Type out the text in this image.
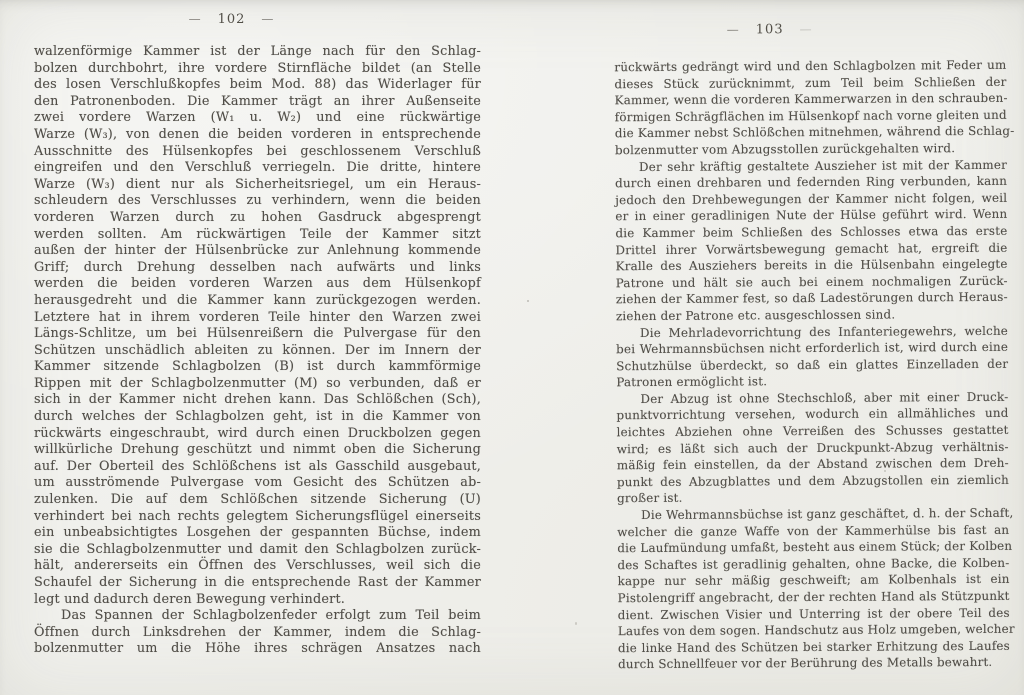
— 102 —
walzenförmige Kammer ist der Länge nach für den Schlag-
bolzen durchbohrt, ihre vordere Stirnfläche bildet (an Stelle
des losen Verschlußkopfes beim Mod. 88) das Widerlager für
den Patronenboden. Die Kammer trägt an ihrer Außenseite
zwei vordere Warzen (W₁ u. W₂) und eine rückwärtige
Warze (W₃), von denen die beiden vorderen in entsprechende
Ausschnitte des Hülsenkopfes bei geschlossenem Verschluß
eingreifen und den Verschluß verriegeln. Die dritte, hintere
Warze (W₃) dient nur als Sicherheitsriegel, um ein Heraus-
schleudern des Verschlusses zu verhindern, wenn die beiden
vorderen Warzen durch zu hohen Gasdruck abgesprengt
werden sollten. Am rückwärtigen Teile der Kammer sitzt
außen der hinter der Hülsenbrücke zur Anlehnung kommende
Griff; durch Drehung desselben nach aufwärts und links
werden die beiden vorderen Warzen aus dem Hülsenkopf
herausgedreht und die Kammer kann zurückgezogen werden.
Letztere hat in ihrem vorderen Teile hinter den Warzen zwei
Längs-Schlitze, um bei Hülsenreißern die Pulvergase für den
Schützen unschädlich ableiten zu können. Der im Innern der
Kammer sitzende Schlagbolzen (B) ist durch kammförmige
Rippen mit der Schlagbolzenmutter (M) so verbunden, daß er
sich in der Kammer nicht drehen kann. Das Schlößchen (Sch),
durch welches der Schlagbolzen geht, ist in die Kammer von
rückwärts eingeschraubt, wird durch einen Druckbolzen gegen
willkürliche Drehung geschützt und nimmt oben die Sicherung
auf. Der Oberteil des Schlößchens ist als Gasschild ausgebaut,
um ausströmende Pulvergase vom Gesicht des Schützen ab-
zulenken. Die auf dem Schlößchen sitzende Sicherung (U)
verhindert bei nach rechts gelegtem Sicherungsflügel einerseits
ein unbeabsichtigtes Losgehen der gespannten Büchse, indem
sie die Schlagbolzenmutter und damit den Schlagbolzen zurück-
hält, andererseits ein Öffnen des Verschlusses, weil sich die
Schaufel der Sicherung in die entsprechende Rast der Kammer
legt und dadurch deren Bewegung verhindert.
Das Spannen der Schlagbolzenfeder erfolgt zum Teil beim
Öffnen durch Linksdrehen der Kammer, indem die Schlag-
bolzenmutter um die Höhe ihres schrägen Ansatzes nach
— 103 —
rückwärts gedrängt wird und den Schlagbolzen mit Feder um
dieses Stück zurücknimmt, zum Teil beim Schließen der
Kammer, wenn die vorderen Kammerwarzen in den schrauben-
förmigen Schrägflächen im Hülsenkopf nach vorne gleiten und
die Kammer nebst Schlößchen mitnehmen, während die Schlag-
bolzenmutter vom Abzugsstollen zurückgehalten wird.
Der sehr kräftig gestaltete Auszieher ist mit der Kammer
durch einen drehbaren und federnden Ring verbunden, kann
jedoch den Drehbewegungen der Kammer nicht folgen, weil
er in einer geradlinigen Nute der Hülse geführt wird. Wenn
die Kammer beim Schließen des Schlosses etwa das erste
Drittel ihrer Vorwärtsbewegung gemacht hat, ergreift die
Kralle des Ausziehers bereits in die Hülsenbahn eingelegte
Patrone und hält sie auch bei einem nochmaligen Zurück-
ziehen der Kammer fest, so daß Ladestörungen durch Heraus-
ziehen der Patrone etc. ausgeschlossen sind.
Die Mehrladevorrichtung des Infanteriegewehrs, welche
bei Wehrmannsbüchsen nicht erforderlich ist, wird durch eine
Schutzhülse überdeckt, so daß ein glattes Einzelladen der
Patronen ermöglicht ist.
Der Abzug ist ohne Stechschloß, aber mit einer Druck-
punktvorrichtung versehen, wodurch ein allmähliches und
leichtes Abziehen ohne Verreißen des Schusses gestattet
wird; es läßt sich auch der Druckpunkt-Abzug verhältnis-
mäßig fein einstellen, da der Abstand zwischen dem Dreh-
punkt des Abzugblattes und dem Abzugstollen ein ziemlich
großer ist.
Die Wehrmannsbüchse ist ganz geschäftet, d. h. der Schaft,
welcher die ganze Waffe von der Kammerhülse bis fast an
die Laufmündung umfaßt, besteht aus einem Stück; der Kolben
des Schaftes ist geradlinig gehalten, ohne Backe, die Kolben-
kappe nur sehr mäßig geschweift; am Kolbenhals ist ein
Pistolengriff angebracht, der der rechten Hand als Stützpunkt
dient. Zwischen Visier und Unterring ist der obere Teil des
Laufes von dem sogen. Handschutz aus Holz umgeben, welcher
die linke Hand des Schützen bei starker Erhitzung des Laufes
durch Schnellfeuer vor der Berührung des Metalls bewahrt.
